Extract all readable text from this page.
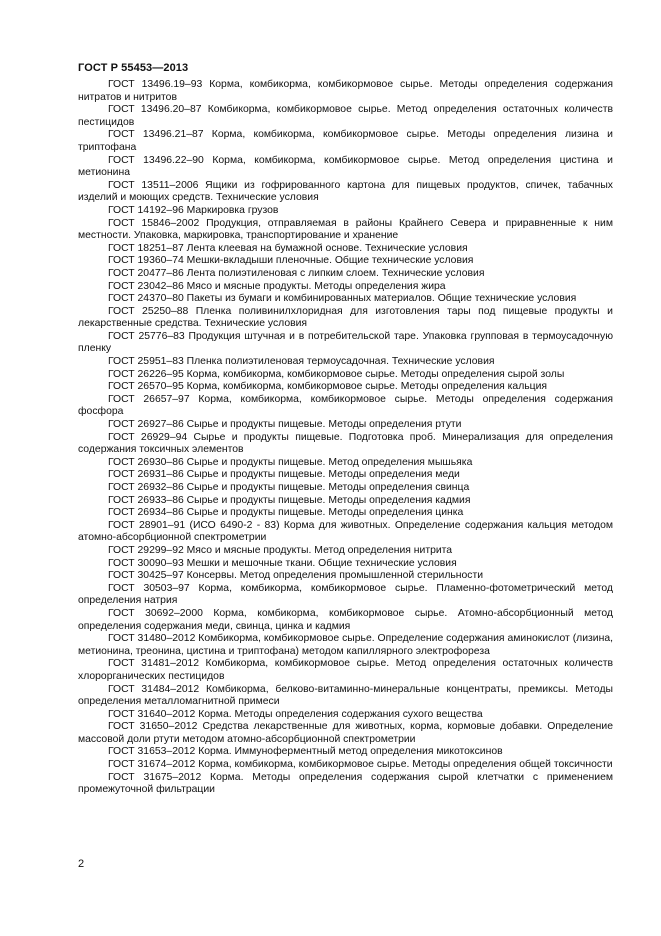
ГОСТ Р 55453—2013

ГОСТ 13496.19–93 Корма, комбикорма, комбикормовое сырье. Методы определения содержания нитратов и нитритов

ГОСТ 13496.20–87 Комбикорма, комбикормовое сырье. Метод определения остаточных количеств пестицидов

ГОСТ 13496.21–87 Корма, комбикорма, комбикормовое сырье. Методы определения лизина и триптофана

ГОСТ 13496.22–90 Корма, комбикорма, комбикормовое сырье. Метод определения цистина и метионина

ГОСТ 13511–2006 Ящики из гофрированного картона для пищевых продуктов, спичек, табачных изделий и моющих средств. Технические условия

ГОСТ 14192–96 Маркировка грузов

ГОСТ 15846–2002 Продукция, отправляемая в районы Крайнего Севера и приравненные к ним местности. Упаковка, маркировка, транспортирование и хранение

ГОСТ 18251–87 Лента клеевая на бумажной основе. Технические условия

ГОСТ 19360–74 Мешки-вкладыши пленочные. Общие технические условия

ГОСТ 20477–86 Лента полиэтиленовая с липким слоем. Технические условия

ГОСТ 23042–86 Мясо и мясные продукты. Методы определения жира

ГОСТ 24370–80 Пакеты из бумаги и комбинированных материалов. Общие технические условия

ГОСТ 25250–88 Пленка поливинилхлоридная для изготовления тары под пищевые продукты и лекарственные средства. Технические условия

ГОСТ 25776–83 Продукция штучная и в потребительской таре. Упаковка групповая в термоусадочную пленку

ГОСТ 25951–83 Пленка полиэтиленовая термоусадочная. Технические условия

ГОСТ 26226–95 Корма, комбикорма, комбикормовое сырье. Методы определения сырой золы

ГОСТ 26570–95 Корма, комбикорма, комбикормовое сырье. Методы определения кальция

ГОСТ 26657–97 Корма, комбикорма, комбикормовое сырье. Методы определения содержания фосфора

ГОСТ 26927–86 Сырье и продукты пищевые. Методы определения ртути

ГОСТ 26929–94 Сырье и продукты пищевые. Подготовка проб. Минерализация для определения содержания токсичных элементов

ГОСТ 26930–86 Сырье и продукты пищевые. Метод определения мышьяка

ГОСТ 26931–86 Сырье и продукты пищевые. Методы определения меди

ГОСТ 26932–86 Сырье и продукты пищевые. Методы определения свинца

ГОСТ 26933–86 Сырье и продукты пищевые. Методы определения кадмия

ГОСТ 26934–86 Сырье и продукты пищевые. Методы определения цинка

ГОСТ 28901–91 (ИСО 6490-2 - 83) Корма для животных. Определение содержания кальция методом атомно-абсорбционной спектрометрии

ГОСТ 29299–92 Мясо и мясные продукты. Метод определения нитрита

ГОСТ 30090–93 Мешки и мешочные ткани. Общие технические условия

ГОСТ 30425–97 Консервы. Метод определения промышленной стерильности

ГОСТ 30503–97 Корма, комбикорма, комбикормовое сырье. Пламенно-фотометрический метод определения натрия

ГОСТ 30692–2000 Корма, комбикорма, комбикормовое сырье. Атомно-абсорбционный метод определения содержания меди, свинца, цинка и кадмия

ГОСТ 31480–2012 Комбикорма, комбикормовое сырье. Определение содержания аминокислот (лизина, метионина, треонина, цистина и триптофана) методом капиллярного электрофореза

ГОСТ 31481–2012 Комбикорма, комбикормовое сырье. Метод определения остаточных количеств хлорорганических пестицидов

ГОСТ 31484–2012 Комбикорма, белково-витаминно-минеральные концентраты, премиксы. Методы определения металломагнитной примеси

ГОСТ 31640–2012 Корма. Методы определения содержания сухого вещества

ГОСТ 31650–2012 Средства лекарственные для животных, корма, кормовые добавки. Определение массовой доли ртути методом атомно-абсорбционной спектрометрии

ГОСТ 31653–2012 Корма. Иммуноферментный метод определения микотоксинов

ГОСТ 31674–2012 Корма, комбикорма, комбикормовое сырье. Методы определения общей токсичности

ГОСТ 31675–2012 Корма. Методы определения содержания сырой клетчатки с применением промежуточной фильтрации

2
